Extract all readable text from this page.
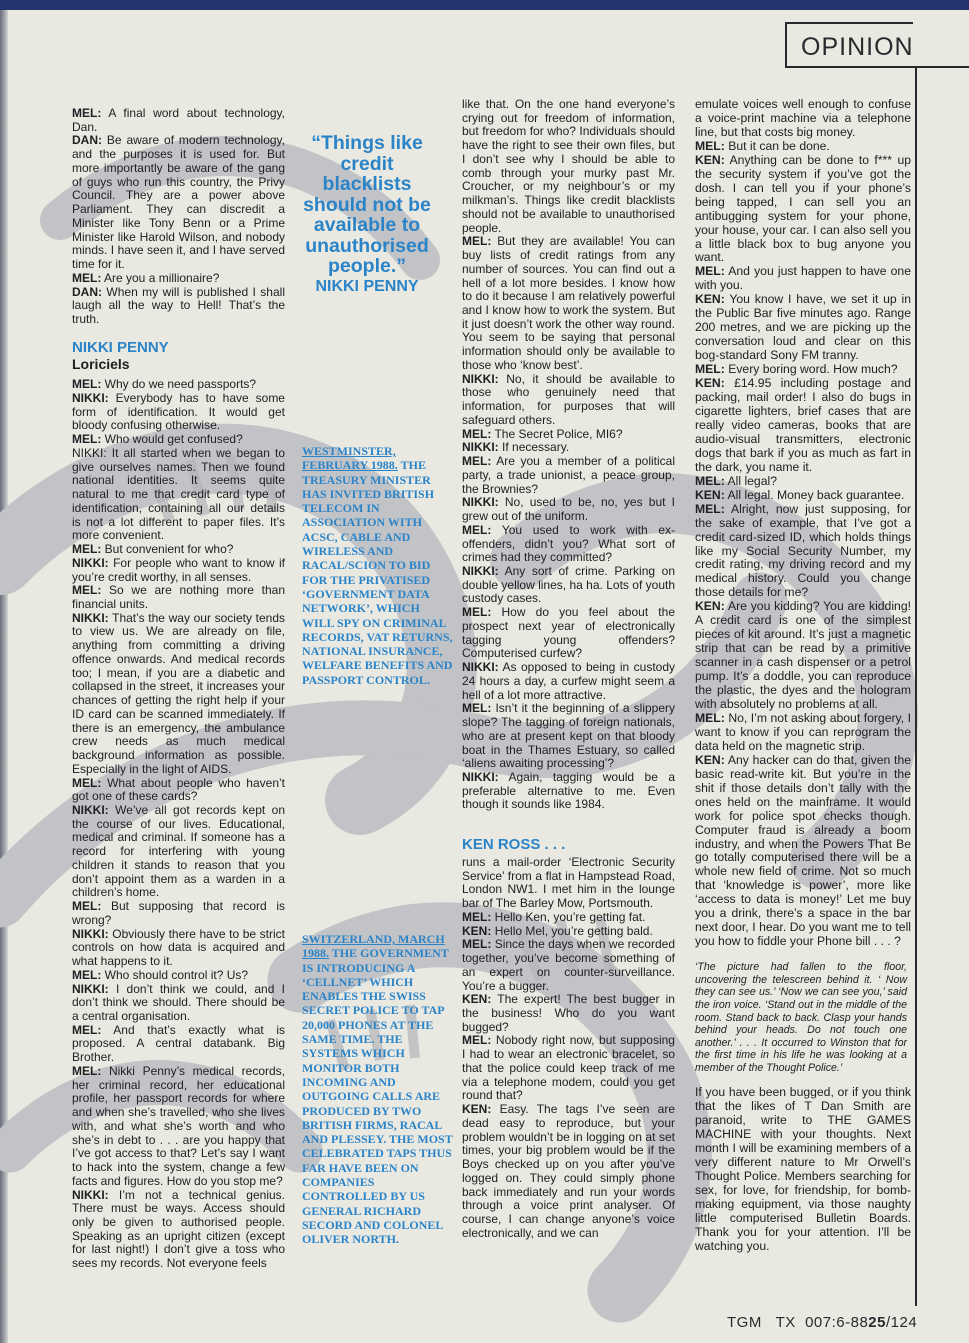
OPINION

MEL: A final word about technology, Dan.

DAN: Be aware of modern technology, and the purposes it is used for. But more importantly be aware of the gang of guys who run this country, the Privy Council. They are a power above Parliament. They can discredit a Minister like Tony Benn or a Prime Minister like Harold Wilson, and nobody minds. I have seen it, and I have served time for it.

MEL: Are you a millionaire?

DAN: When my will is published I shall laugh all the way to Hell! That’s the truth.

NIKKI PENNY
Loriciels

MEL: Why do we need passports?

NIKKI: Everybody has to have some form of identification. It would get bloody confusing otherwise.

MEL: Who would get confused?

NIKKI: It all started when we began to give ourselves names. Then we found national identities. It seems quite natural to me that credit card type of identification, containing all our details is not a lot different to paper files. It’s more convenient.

MEL: But convenient for who?

NIKKI: For people who want to know if you’re credit worthy, in all senses.

MEL: So we are nothing more than financial units.

NIKKI: That’s the way our society tends to view us. We are already on file, anything from committing a driving offence onwards. And medical records too; I mean, if you are a diabetic and collapsed in the street, it increases your chances of getting the right help if your ID card can be scanned immediately. If there is an emergency, the ambulance crew needs as much medical background information as possible. Especially in the light of AIDS.

MEL: What about people who haven’t got one of these cards?

NIKKI: We’ve all got records kept on the course of our lives. Educational, medical and criminal. If someone has a record for interfering with young children it stands to reason that you don’t appoint them as a warden in a children’s home.

MEL: But supposing that record is wrong?

NIKKI: Obviously there have to be strict controls on how data is acquired and what happens to it.

MEL: Who should control it? Us?

NIKKI: I don’t think we could, and I don’t think we should. There should be a central organisation.

MEL: And that’s exactly what is proposed. A central databank. Big Brother.

MEL: Nikki Penny’s medical records, her criminal record, her educational profile, her passport records for where and when she’s travelled, who she lives with, and what she’s worth and who she’s in debt to . . . are you happy that I’ve got access to that? Let’s say I want to hack into the system, change a few facts and figures. How do you stop me?

NIKKI: I’m not a technical genius. There must be ways. Access should only be given to authorised people. Speaking as an upright citizen (except for last night!) I don’t give a toss who sees my records. Not everyone feels

“Things like credit blacklists should not be available to unauthorised people.”
NIKKI PENNY
WESTMINSTER, FEBRUARY 1988. THE TREASURY MINISTER HAS INVITED BRITISH TELECOM IN ASSOCIATION WITH ACSC, CABLE AND WIRELESS AND RACAL/SCION TO BID FOR THE PRIVATISED ‘GOVERNMENT DATA NETWORK’, WHICH WILL SPY ON CRIMINAL RECORDS, VAT RETURNS, NATIONAL INSURANCE, WELFARE BENEFITS AND PASSPORT CONTROL.
SWITZERLAND, MARCH 1988. THE GOVERNMENT IS INTRODUCING A ‘CELLNET’ WHICH ENABLES THE SWISS SECRET POLICE TO TAP 20,000 PHONES AT THE SAME TIME. THE SYSTEMS WHICH MONITOR BOTH INCOMING AND OUTGOING CALLS ARE PRODUCED BY TWO BRITISH FIRMS, RACAL AND PLESSEY. THE MOST CELEBRATED TAPS THUS FAR HAVE BEEN ON COMPANIES CONTROLLED BY US GENERAL RICHARD SECORD AND COLONEL OLIVER NORTH.

like that. On the one hand everyone’s crying out for freedom of information, but freedom for who? Individuals should have the right to see their own files, but I don’t see why I should be able to comb through your murky past Mr. Croucher, or my neighbour’s or my milkman’s. Things like credit blacklists should not be available to unauthorised people.

MEL: But they are available! You can buy lists of credit ratings from any number of sources. You can find out a hell of a lot more besides. I know how to do it because I am relatively powerful and I know how to work the system. But it just doesn’t work the other way round. You seem to be saying that personal information should only be available to those who ‘know best’.

NIKKI: No, it should be available to those who genuinely need that information, for purposes that will safeguard others.

MEL: The Secret Police, MI6?

NIKKI: If necessary.

MEL: Are you a member of a political party, a trade unionist, a peace group, the Brownies?

NIKKI: No, used to be, no, yes but I grew out of the uniform.

MEL: You used to work with ex-offenders, didn’t you? What sort of crimes had they committed?

NIKKI: Any sort of crime. Parking on double yellow lines, ha ha. Lots of youth custody cases.

MEL: How do you feel about the prospect next year of electronically tagging young offenders? Computerised curfew?

NIKKI: As opposed to being in custody 24 hours a day, a curfew might seem a hell of a lot more attractive.

MEL: Isn’t it the beginning of a slippery slope? The tagging of foreign nationals, who are at present kept on that bloody boat in the Thames Estuary, so called ‘aliens awaiting processing’?

NIKKI: Again, tagging would be a preferable alternative to me. Even though it sounds like 1984.

KEN ROSS . . .

runs a mail-order ‘Electronic Security Service’ from a flat in Hampstead Road, London NW1. I met him in the lounge bar of The Barley Mow, Portsmouth.

MEL: Hello Ken, you’re getting fat.

KEN: Hello Mel, you’re getting bald.

MEL: Since the days when we recorded together, you’ve become something of an expert on counter-surveillance. You’re a bugger.

KEN: The expert! The best bugger in the business! Who do you want bugged?

MEL: Nobody right now, but supposing I had to wear an electronic bracelet, so that the police could keep track of me via a telephone modem, could you get round that?

KEN: Easy. The tags I’ve seen are dead easy to reproduce, but your problem wouldn’t be in logging on at set times, your big problem would be if the Boys checked up on you after you’ve logged on. They could simply phone back immediately and run your words through a voice print analyser. Of course, I can change anyone’s voice electronically, and we can

emulate voices well enough to confuse a voice-print machine via a telephone line, but that costs big money.

MEL: But it can be done.

KEN: Anything can be done to f*** up the security system if you’ve got the dosh. I can tell you if your phone’s being tapped, I can sell you an antibugging system for your phone, your house, your car. I can also sell you a little black box to bug anyone you want.

MEL: And you just happen to have one with you.

KEN: You know I have, we set it up in the Public Bar five minutes ago. Range 200 metres, and we are picking up the conversation loud and clear on this bog-standard Sony FM tranny.

MEL: Every boring word. How much?

KEN: £14.95 including postage and packing, mail order! I also do bugs in cigarette lighters, brief cases that are really video cameras, books that are audio-visual transmitters, electronic dogs that bark if you as much as fart in the dark, you name it.

MEL: All legal?

KEN: All legal. Money back guarantee.

MEL: Alright, now just supposing, for the sake of example, that I’ve got a credit card-sized ID, which holds things like my Social Security Number, my credit rating, my driving record and my medical history. Could you change those details for me?

KEN: Are you kidding? You are kidding! A credit card is one of the simplest pieces of kit around. It’s just a magnetic strip that can be read by a primitive scanner in a cash dispenser or a petrol pump. It’s a doddle, you can reproduce the plastic, the dyes and the hologram with absolutely no problems at all.

MEL: No, I’m not asking about forgery, I want to know if you can reprogram the data held on the magnetic strip.

KEN: Any hacker can do that, given the basic read-write kit. But you’re in the shit if those details don’t tally with the ones held on the mainframe. It would work for police spot checks though. Computer fraud is already a boom industry, and when the Powers That Be go totally computerised there will be a whole new field of crime. Not so much that ‘knowledge is power’, more like ‘access to data is money!’ Let me buy you a drink, there’s a space in the bar next door, I hear. Do you want me to tell you how to fiddle your Phone bill . . . ?

‘The picture had fallen to the floor, uncovering the telescreen behind it. ‘ Now they can see us.’ ‘Now we can see you,’ said the iron voice. ‘Stand out in the middle of the room. Stand back to back. Clasp your hands behind your heads. Do not touch one another.’ . . . It occurred to Winston that for the first time in his life he was looking at a member of the Thought Police.’

If you have been bugged, or if you think that the likes of T Dan Smith are paranoid, write to THE GAMES MACHINE with your thoughts. Next month I will be examining members of a very different nature to Mr Orwell’s Thought Police. Members searching for sex, for love, for friendship, for bomb-making equipment, via those naughty little computerised Bulletin Boards. Thank you for your attention. I’ll be watching you.

TGM TX 007:6-8825/124
